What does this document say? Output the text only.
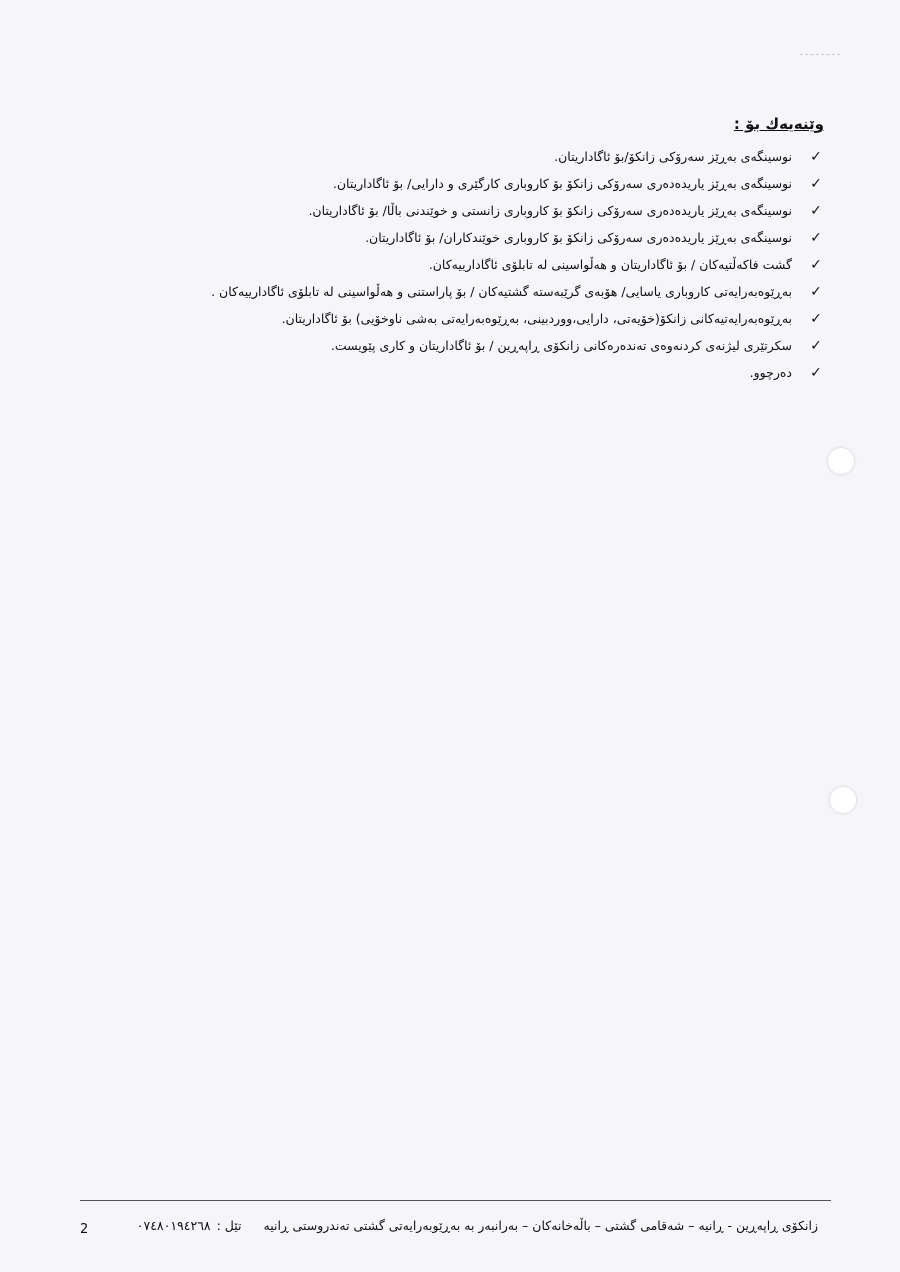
وێنەیەك بۆ :
✓
نوسینگەی بەڕێز سەرۆکی زانکۆ/بۆ ئاگاداریتان.
✓
نوسینگەی بەڕێز یاریدەدەری سەرۆکی زانکۆ بۆ کاروباری کارگێری و دارایی/ بۆ ئاگاداریتان.
✓
نوسینگەی بەڕێز یاریدەدەری سەرۆکی زانکۆ بۆ کاروباری زانستی و خوێندنی باڵا/ بۆ ئاگاداریتان.
✓
نوسینگەی بەڕێز یاریدەدەری سەرۆکی زانکۆ بۆ کاروباری خوێندکاران/ بۆ ئاگاداریتان.
✓
گشت فاکەڵتیەکان / بۆ ئاگاداریتان و هەڵواسینی لە تابلۆی ئاگاداریيەکان.
✓
بەڕێوەبەرایەتی کاروباری یاسایی/ هۆبەی گرێبەستە گشتیەکان / بۆ پاراستنی و هەڵواسینی لە تابلۆی ئاگاداریيەکان .
✓
بەڕێوەبەرایەتیەکانی زانکۆ(خۆیەتی، دارایی،ووردبینی، بەڕێوەبەرایەتی بەشی ناوخۆیی) بۆ ئاگاداریتان.
✓
سکرتێری لیژنەی کردنەوەی تەندەرەکانی زانکۆی ڕاپەڕین / بۆ ئاگاداریتان و کاری پێویست.
✓
دەرچوو.
زانكۆی ڕاپەڕین - ڕانیە – شەقامی گشتی – باڵەخانەکان – بەرانبەر بە بەڕێوبەرایەتی گشتی تەندروستی ڕانیەتێل :٠٧٤٨٠١٩٤٢٦٨
2
